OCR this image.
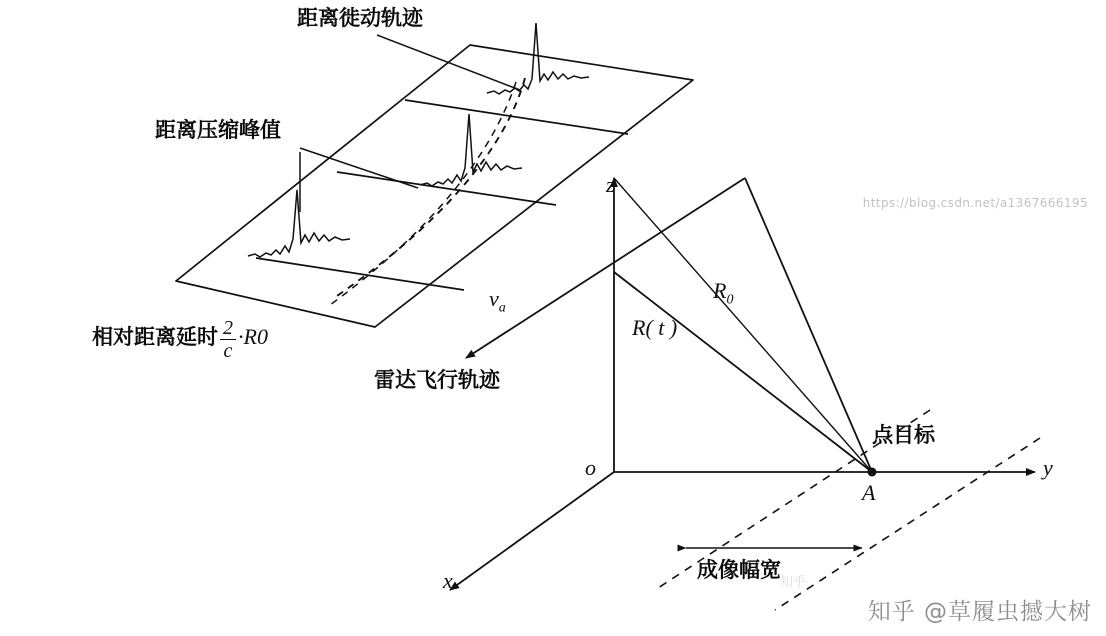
距离徙动轨迹
距离压缩峰值
相对距离延时 $\frac{2}{c} \cdot R0$
雷达飞行轨迹
点目标
成像幅宽
z
y
x
o
$v_a$
$R_0$
R( t )
A
https://blog.csdn.net/a1367666195
知乎
知乎 @草履虫撼大树
